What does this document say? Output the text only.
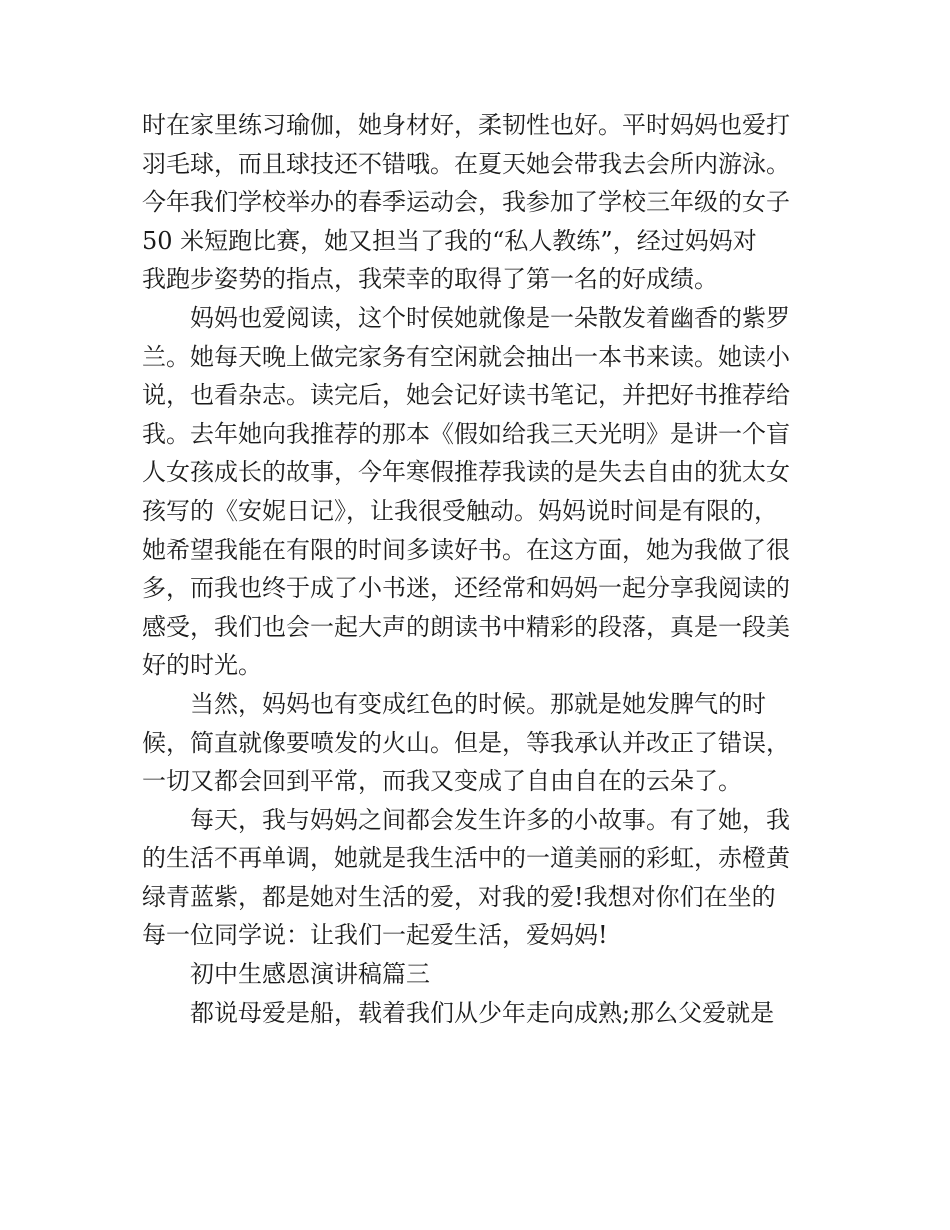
时在家里练习瑜伽，她身材好，柔韧性也好。平时妈妈也爱打

羽毛球，而且球技还不错哦。在夏天她会带我去会所内游泳。

今年我们学校举办的春季运动会，我参加了学校三年级的女子

50 米短跑比赛，她又担当了我的“私人教练”，经过妈妈对

我跑步姿势的指点，我荣幸的取得了第一名的好成绩。

　　妈妈也爱阅读，这个时侯她就像是一朵散发着幽香的紫罗

兰。她每天晚上做完家务有空闲就会抽出一本书来读。她读小

说，也看杂志。读完后，她会记好读书笔记，并把好书推荐给

我。去年她向我推荐的那本《假如给我三天光明》是讲一个盲

人女孩成长的故事，今年寒假推荐我读的是失去自由的犹太女

孩写的《安妮日记》，让我很受触动。妈妈说时间是有限的，

她希望我能在有限的时间多读好书。在这方面，她为我做了很

多，而我也终于成了小书迷，还经常和妈妈一起分享我阅读的

感受，我们也会一起大声的朗读书中精彩的段落，真是一段美

好的时光。

　　当然，妈妈也有变成红色的时候。那就是她发脾气的时

候，简直就像要喷发的火山。但是，等我承认并改正了错误，

一切又都会回到平常，而我又变成了自由自在的云朵了。

　　每天，我与妈妈之间都会发生许多的小故事。有了她，我

的生活不再单调，她就是我生活中的一道美丽的彩虹，赤橙黄

绿青蓝紫，都是她对生活的爱，对我的爱!我想对你们在坐的

每一位同学说：让我们一起爱生活，爱妈妈!

　　初中生感恩演讲稿篇三

　　都说母爱是船，载着我们从少年走向成熟;那么父爱就是
